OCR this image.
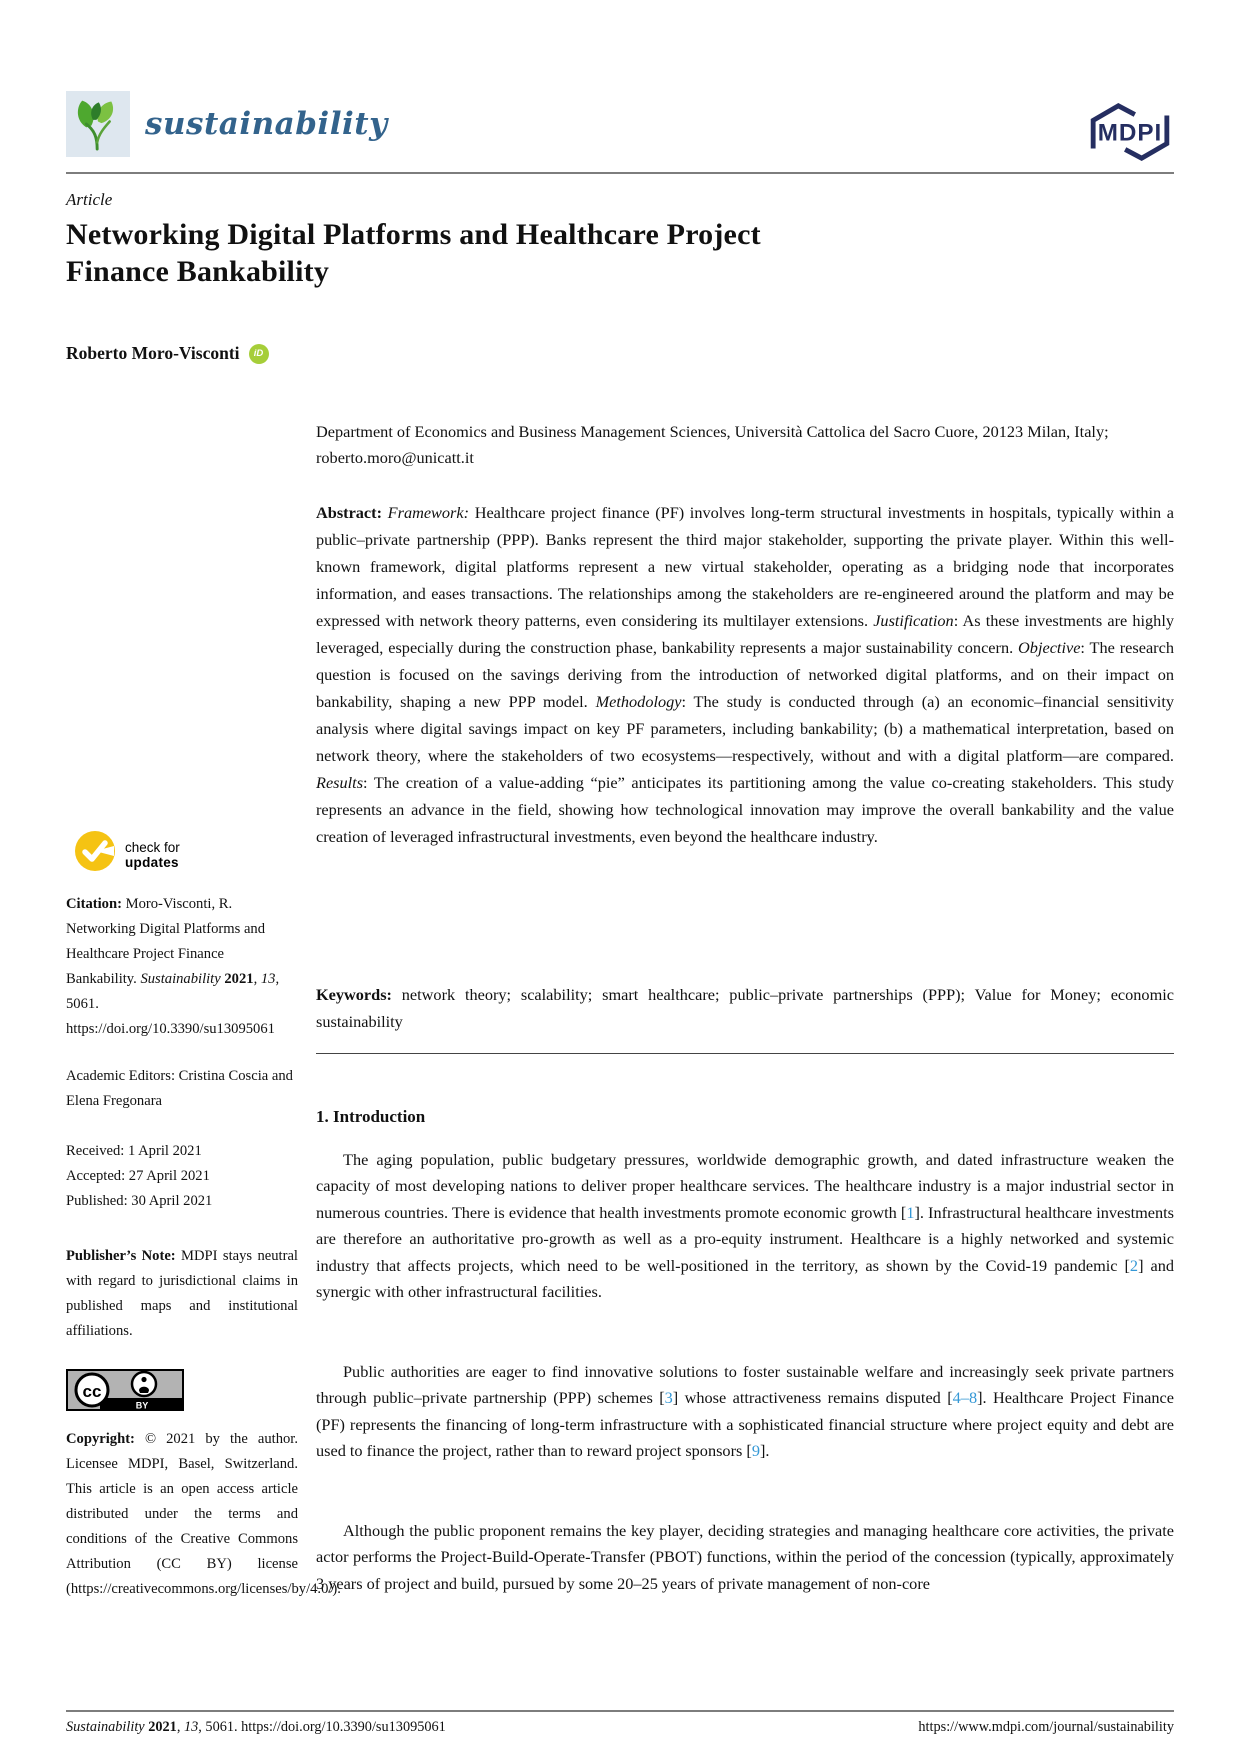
sustainability	MDPI
Article
Networking Digital Platforms and Healthcare Project Finance Bankability
Roberto Moro-Visconti	iD
check for
updates

Citation: Moro-Visconti, R. Networking Digital Platforms and Healthcare Project Finance Bankability. Sustainability 2021, 13, 5061. https://doi.org/10.3390/su13095061

Academic Editors: Cristina Coscia and Elena Fregonara

Received: 1 April 2021
Accepted: 27 April 2021
Published: 30 April 2021

Publisher’s Note: MDPI stays neutral with regard to jurisdictional claims in published maps and institutional affiliations.

cc
BY

Copyright: © 2021 by the author. Licensee MDPI, Basel, Switzerland. This article is an open access article distributed under the terms and conditions of the Creative Commons Attribution (CC BY) license (https://creativecommons.org/licenses/by/4.0/).

Department of Economics and Business Management Sciences, Università Cattolica del Sacro Cuore, 20123 Milan, Italy; roberto.moro@unicatt.it

Abstract: Framework: Healthcare project finance (PF) involves long-term structural investments in hospitals, typically within a public–private partnership (PPP). Banks represent the third major stakeholder, supporting the private player. Within this well-known framework, digital platforms represent a new virtual stakeholder, operating as a bridging node that incorporates information, and eases transactions. The relationships among the stakeholders are re-engineered around the platform and may be expressed with network theory patterns, even considering its multilayer extensions. Justification: As these investments are highly leveraged, especially during the construction phase, bankability represents a major sustainability concern. Objective: The research question is focused on the savings deriving from the introduction of networked digital platforms, and on their impact on bankability, shaping a new PPP model. Methodology: The study is conducted through (a) an economic–financial sensitivity analysis where digital savings impact on key PF parameters, including bankability; (b) a mathematical interpretation, based on network theory, where the stakeholders of two ecosystems—respectively, without and with a digital platform—are compared. Results: The creation of a value-adding “pie” anticipates its partitioning among the value co-creating stakeholders. This study represents an advance in the field, showing how technological innovation may improve the overall bankability and the value creation of leveraged infrastructural investments, even beyond the healthcare industry.

Keywords: network theory; scalability; smart healthcare; public–private partnerships (PPP); Value for Money; economic sustainability

1. Introduction

The aging population, public budgetary pressures, worldwide demographic growth, and dated infrastructure weaken the capacity of most developing nations to deliver proper healthcare services. The healthcare industry is a major industrial sector in numerous countries. There is evidence that health investments promote economic growth [1]. Infrastructural healthcare investments are therefore an authoritative pro-growth as well as a pro-equity instrument. Healthcare is a highly networked and systemic industry that affects projects, which need to be well-positioned in the territory, as shown by the Covid-19 pandemic [2] and synergic with other infrastructural facilities.

Public authorities are eager to find innovative solutions to foster sustainable welfare and increasingly seek private partners through public–private partnership (PPP) schemes [3] whose attractiveness remains disputed [4–8]. Healthcare Project Finance (PF) represents the financing of long-term infrastructure with a sophisticated financial structure where project equity and debt are used to finance the project, rather than to reward project sponsors [9].

Although the public proponent remains the key player, deciding strategies and managing healthcare core activities, the private actor performs the Project-Build-Operate-Transfer (PBOT) functions, within the period of the concession (typically, approximately 3 years of project and build, pursued by some 20–25 years of private management of non-core

Sustainability 2021, 13, 5061. https://doi.org/10.3390/su13095061	https://www.mdpi.com/journal/sustainability
